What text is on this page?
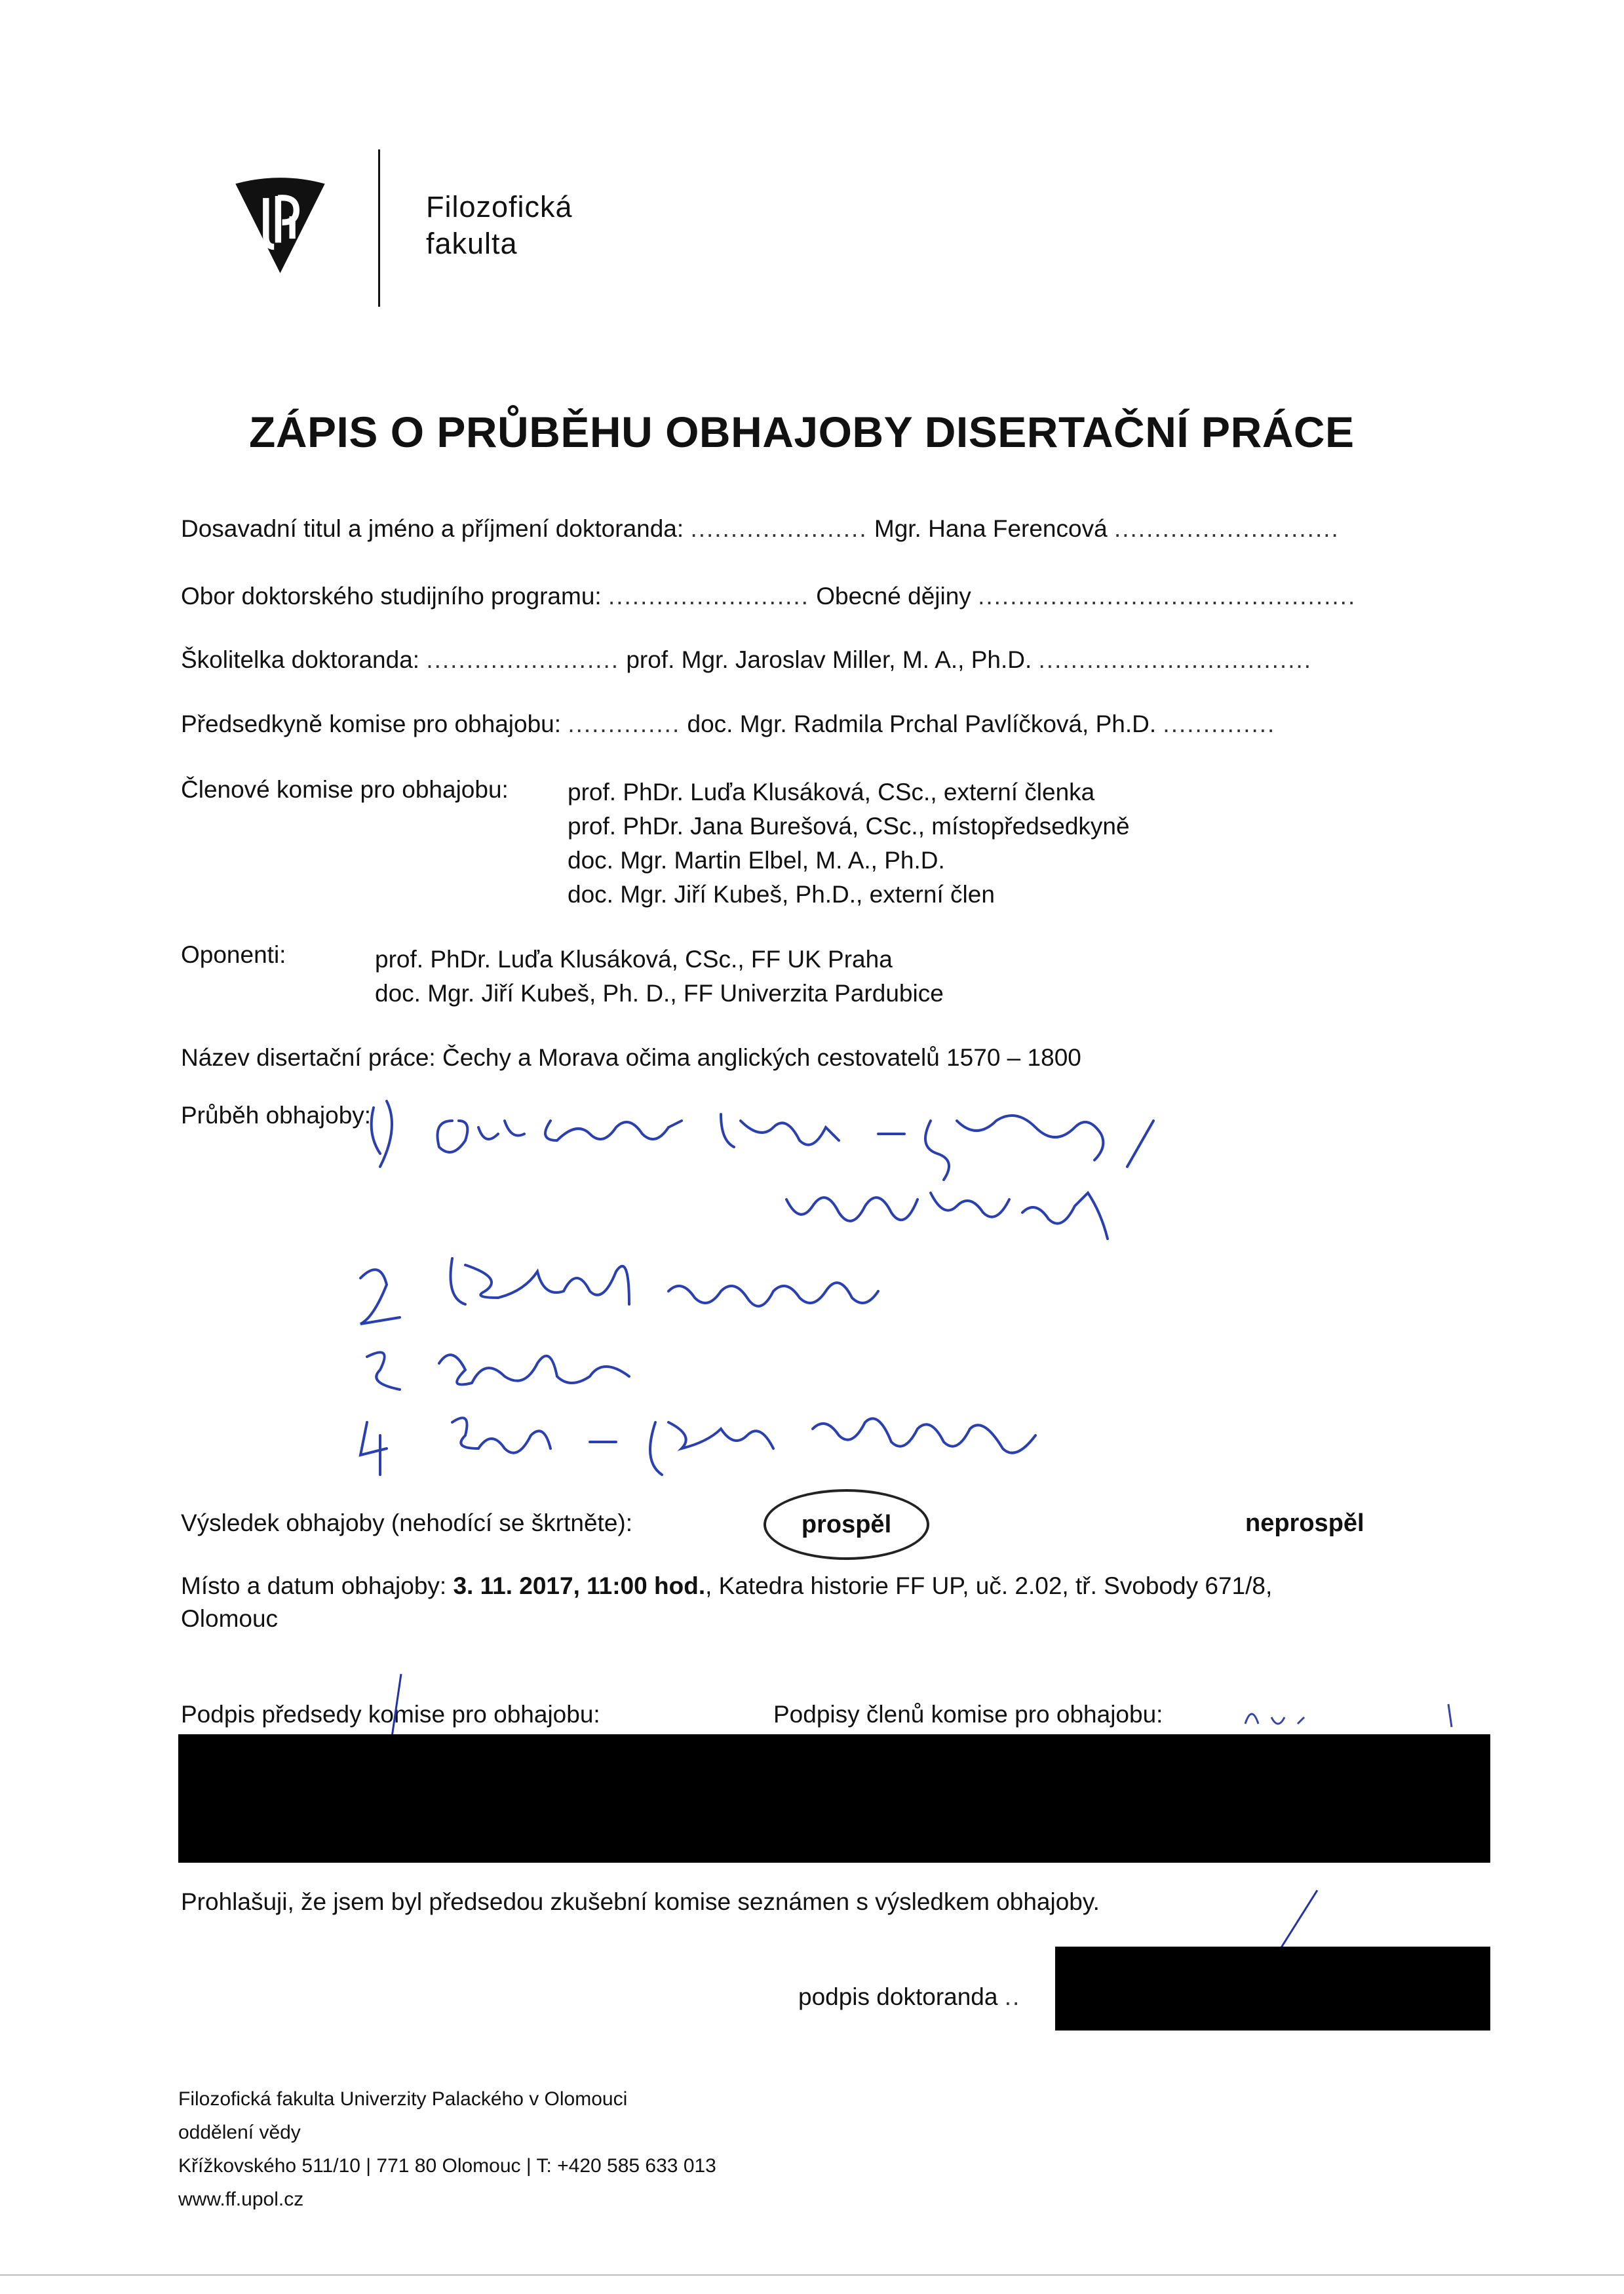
Filozofická
fakulta
ZÁPIS O PRŮBĚHU OBHAJOBY DISERTAČNÍ PRÁCE
Dosavadní titul a jméno a příjmení doktoranda: ...................... Mgr. Hana Ferencová ............................
Obor doktorského studijního programu: ......................... Obecné dějiny ...............................................
Školitelka doktoranda: ........................ prof. Mgr. Jaroslav Miller, M. A., Ph.D. ..................................
Předsedkyně komise pro obhajobu: .............. doc. Mgr. Radmila Prchal Pavlíčková, Ph.D. ..............
Členové komise pro obhajobu: prof. PhDr. Luďa Klusáková, CSc., externí členka
prof. PhDr. Jana Burešová, CSc., místopředsedkyně
doc. Mgr. Martin Elbel, M. A., Ph.D.
doc. Mgr. Jiří Kubeš, Ph.D., externí člen
Oponenti:	prof. PhDr. Luďa Klusáková, CSc., FF UK Praha
doc. Mgr. Jiří Kubeš, Ph. D., FF Univerzita Pardubice
Název disertační práce: Čechy a Morava očima anglických cestovatelů 1570 – 1800
Průběh obhajoby:
Výsledek obhajoby (nehodící se škrtněte):	prospěl	neprospěl
Místo a datum obhajoby: 3. 11. 2017, 11:00 hod., Katedra historie FF UP, uč. 2.02, tř. Svobody 671/8,
Olomouc
Podpis předsedy komise pro obhajobu:	Podpisy členů komise pro obhajobu:
Prohlašuji, že jsem byl předsedou zkušební komise seznámen s výsledkem obhajoby.
podpis doktoranda ..
Filozofická fakulta Univerzity Palackého v Olomouci
oddělení vědy
Křížkovského 511/10 | 771 80 Olomouc | T: +420 585 633 013
www.ff.upol.cz
